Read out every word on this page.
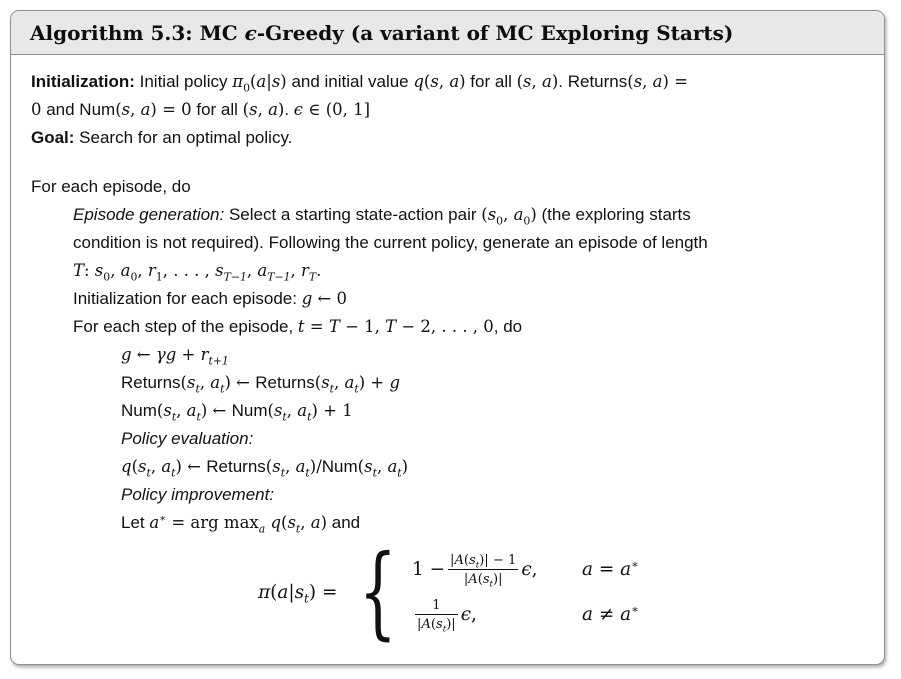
Algorithm 5.3: MC ϵ-Greedy (a variant of MC Exploring Starts)
Initialization: Initial policy $\pi_0(a|s)$ and initial value q(s, a) for all (s, a). Returns(s, a) =
0 and Num(s, a) = 0 for all (s, a). ϵ ∈ (0, 1]
Goal: Search for an optimal policy.
For each episode, do
Episode generation: Select a starting state-action pair ($s_0$, $a_0$) (the exploring starts
condition is not required). Following the current policy, generate an episode of length
T: $s_0$, $a_0$, $r_1$, . . . , $s_{T-1}$, $a_{T-1}$, $r_T$.
Initialization for each episode: g ← 0
For each step of the episode, t = T − 1, T − 2, . . . , 0, do
g ← $\gamma g + r_{t+1}$
$Returns(s_t$, $a_t$) ← $Returns(s_t$, $a_t) + g$
$Num(s_t$, $a_t$) ← $Num(s_t$, $a_t) + 1$
Policy evaluation:
$q(s_t$, $a_t$) ← $Returns(s_t$, $a_t)/Num(s_t$, $a_t$)
Policy improvement:
Let a∗ = arg $\max_a q(s_t$, a) and
$\pi(a|s_t)$ = { $1 - \frac{|A(s_t)| - 1}{|A(s_t)|} \epsilon$, a = a∗
$\frac{1}{|A(s_t)|} \epsilon$,	a ≠ a∗
